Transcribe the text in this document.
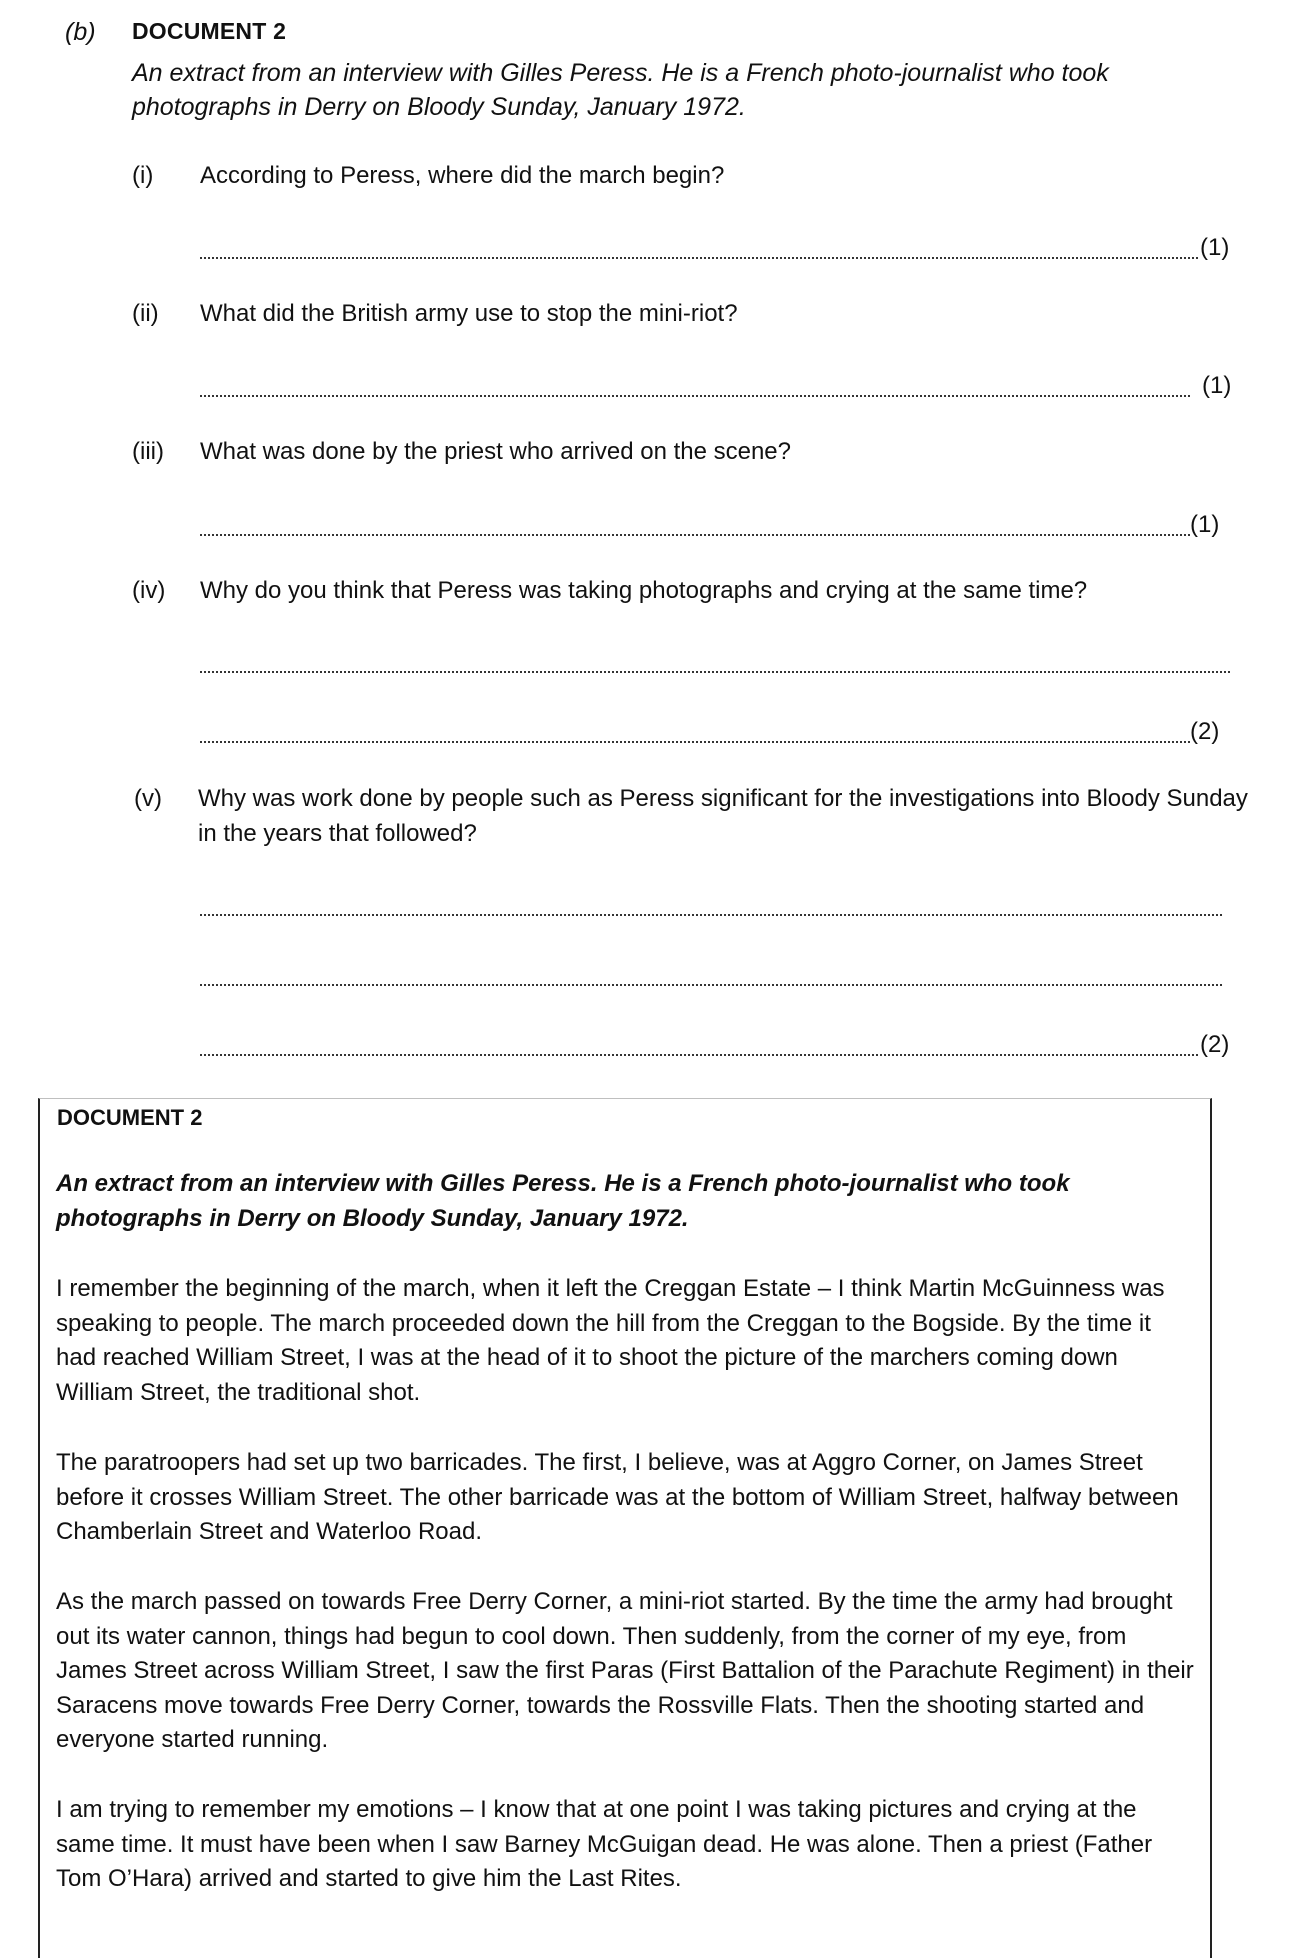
(b) DOCUMENT 2
An extract from an interview with Gilles Peress. He is a French photo-journalist who took photographs in Derry on Bloody Sunday, January 1972.
(i) According to Peress, where did the march begin?
(1)
(ii) What did the British army use to stop the mini-riot?
(1)
(iii) What was done by the priest who arrived on the scene?
(1)
(iv) Why do you think that Peress was taking photographs and crying at the same time?
(2)
(v) Why was work done by people such as Peress significant for the investigations into Bloody Sunday in the years that followed?
(2)
DOCUMENT 2
An extract from an interview with Gilles Peress. He is a French photo-journalist who took photographs in Derry on Bloody Sunday, January 1972.
I remember the beginning of the march, when it left the Creggan Estate – I think Martin McGuinness was speaking to people. The march proceeded down the hill from the Creggan to the Bogside. By the time it had reached William Street, I was at the head of it to shoot the picture of the marchers coming down William Street, the traditional shot.
The paratroopers had set up two barricades. The first, I believe, was at Aggro Corner, on James Street before it crosses William Street. The other barricade was at the bottom of William Street, halfway between Chamberlain Street and Waterloo Road.
As the march passed on towards Free Derry Corner, a mini-riot started. By the time the army had brought out its water cannon, things had begun to cool down. Then suddenly, from the corner of my eye, from James Street across William Street, I saw the first Paras (First Battalion of the Parachute Regiment) in their Saracens move towards Free Derry Corner, towards the Rossville Flats. Then the shooting started and everyone started running.
I am trying to remember my emotions – I know that at one point I was taking pictures and crying at the same time. It must have been when I saw Barney McGuigan dead. He was alone. Then a priest (Father Tom O’Hara) arrived and started to give him the Last Rites.
